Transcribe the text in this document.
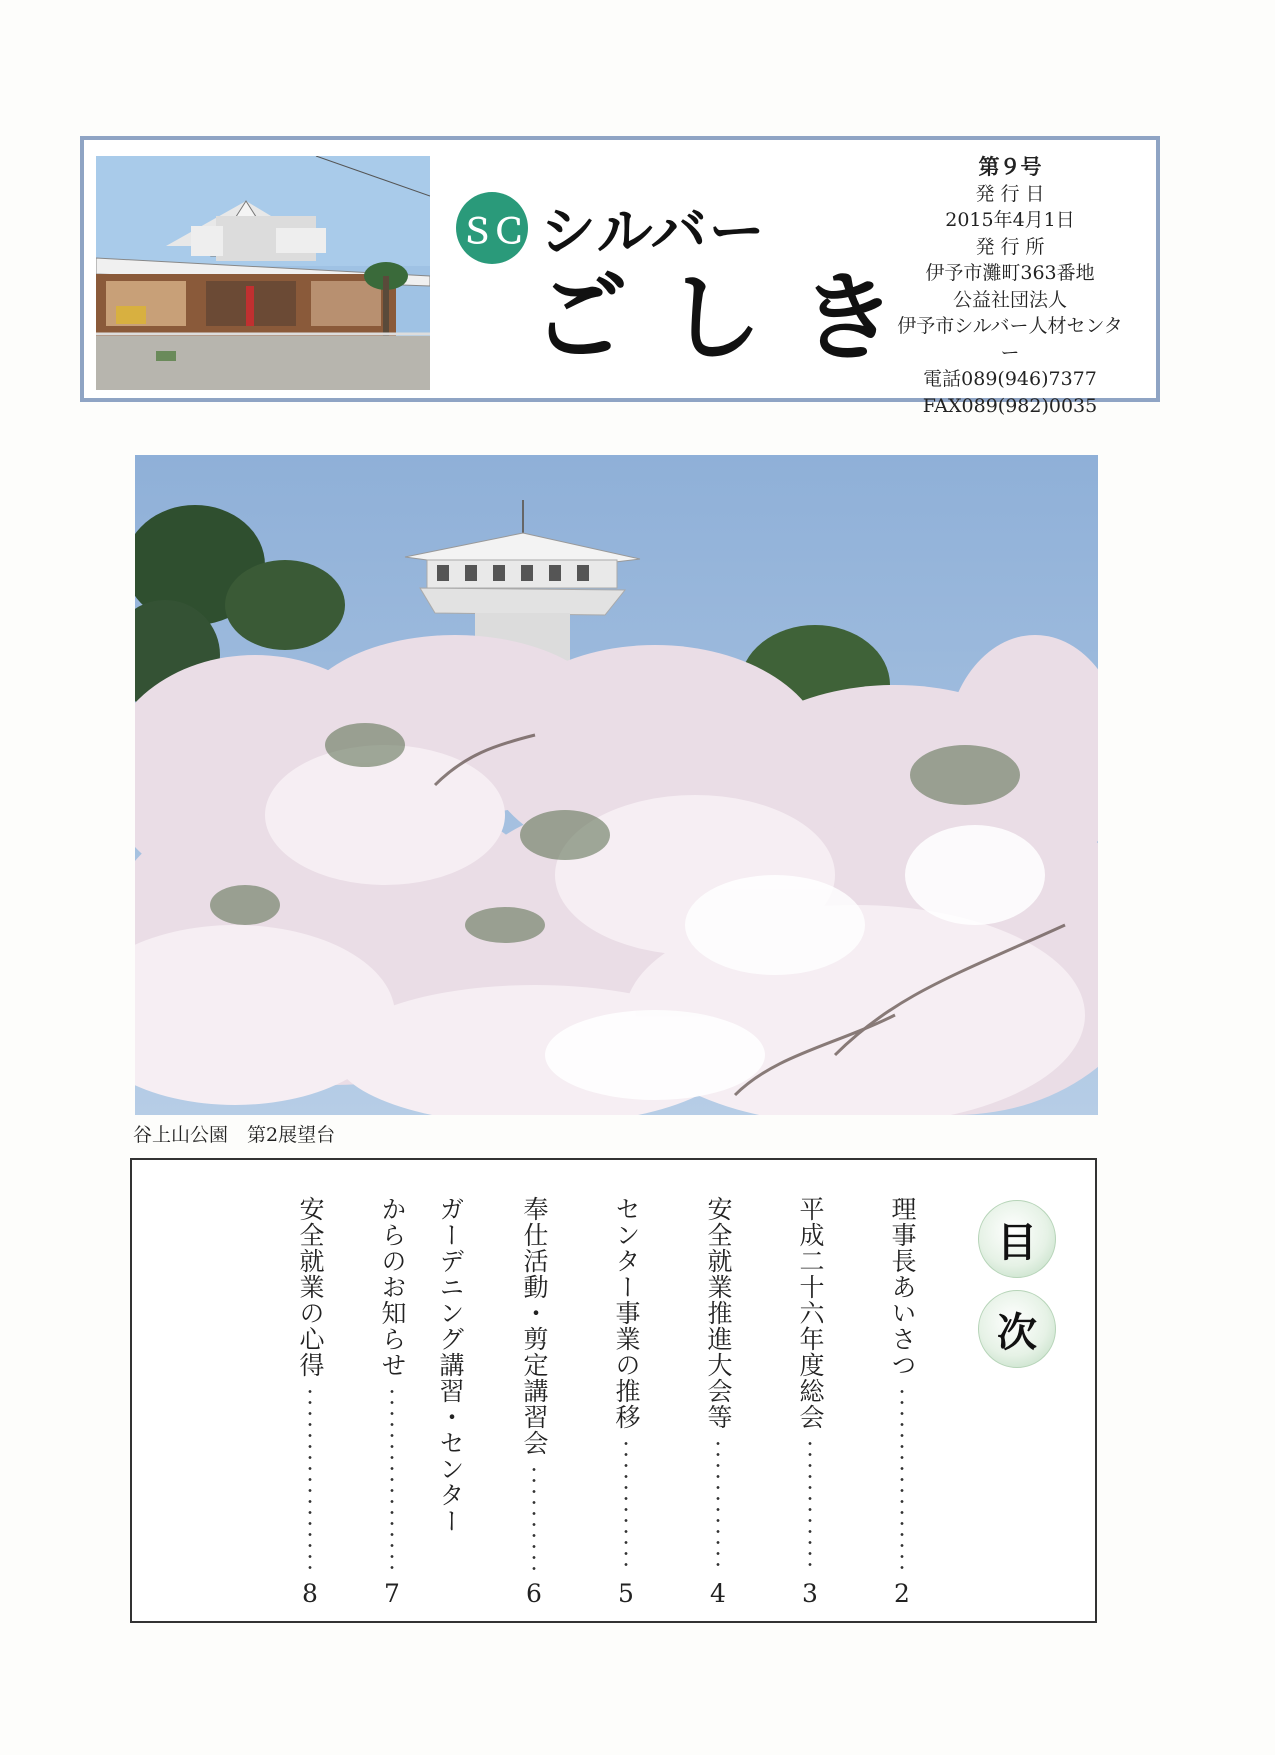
ＳＣ シルバー
ごしき
第９号
発 行 日
2015年4月1日
発 行 所
伊予市灘町363番地
公益社団法人
伊予市シルバー人材センター
電話089(946)7377
FAX089(982)0035
谷上山公園　第2展望台
目
次
理事長あいさつ
2
平成二十六年度総会
3
安全就業推進大会等
4
センター事業の推移
5
奉仕活動・剪定講習会
6
ガーデニング講習・センター
からのお知らせ
7
安全就業の心得
8
